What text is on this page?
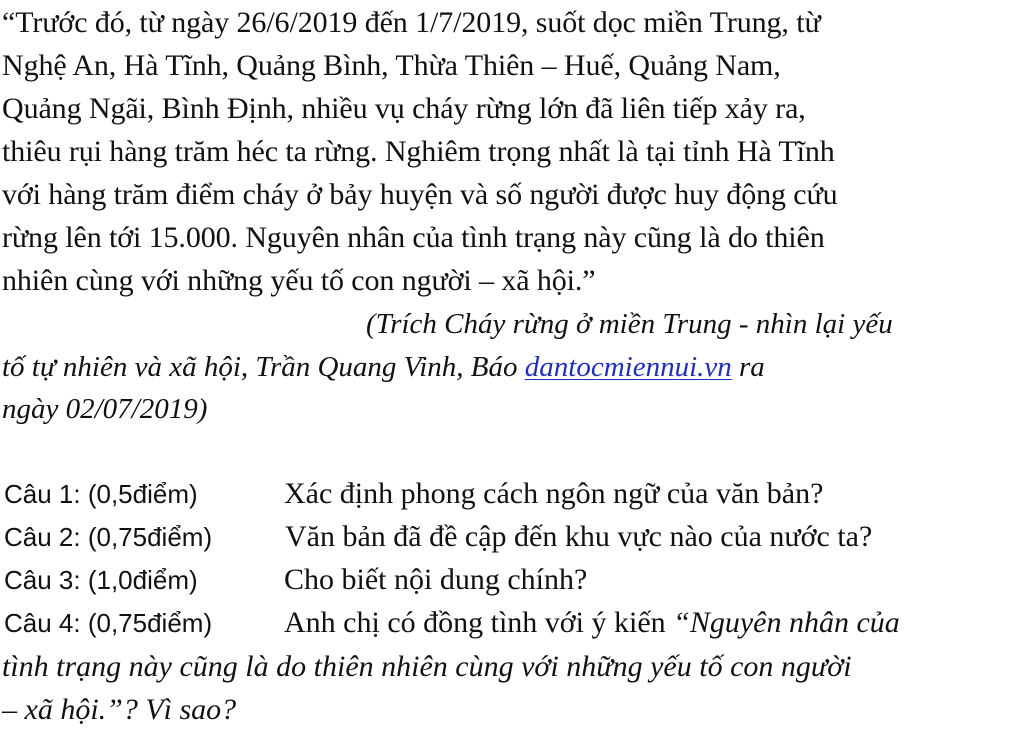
“Trước đó, từ ngày 26/6/2019 đến 1/7/2019, suốt dọc miền Trung, từ
Nghệ An, Hà Tĩnh, Quảng Bình, Thừa Thiên – Huế, Quảng Nam,
Quảng Ngãi, Bình Định, nhiều vụ cháy rừng lớn đã liên tiếp xảy ra,
thiêu rụi hàng trăm héc ta rừng. Nghiêm trọng nhất là tại tỉnh Hà Tĩnh
với hàng trăm điểm cháy ở bảy huyện và số người được huy động cứu
rừng lên tới 15.000. Nguyên nhân của tình trạng này cũng là do thiên
nhiên cùng với những yếu tố con người – xã hội.”
(Trích Cháy rừng ở miền Trung - nhìn lại yếu
tố tự nhiên và xã hội, Trần Quang Vinh, Báo dantocmiennui.vn ra
ngày 02/07/2019)
Câu 1: (0,5điểm)	Xác định phong cách ngôn ngữ của văn bản?
Câu 2: (0,75điểm) Văn bản đã đề cập đến khu vực nào của nước ta?
Câu 3: (1,0điểm)	Cho biết nội dung chính?
Câu 4: (0,75điểm) Anh chị có đồng tình với ý kiến “Nguyên nhân của
tình trạng này cũng là do thiên nhiên cùng với những yếu tố con người
– xã hội.”? Vì sao?
